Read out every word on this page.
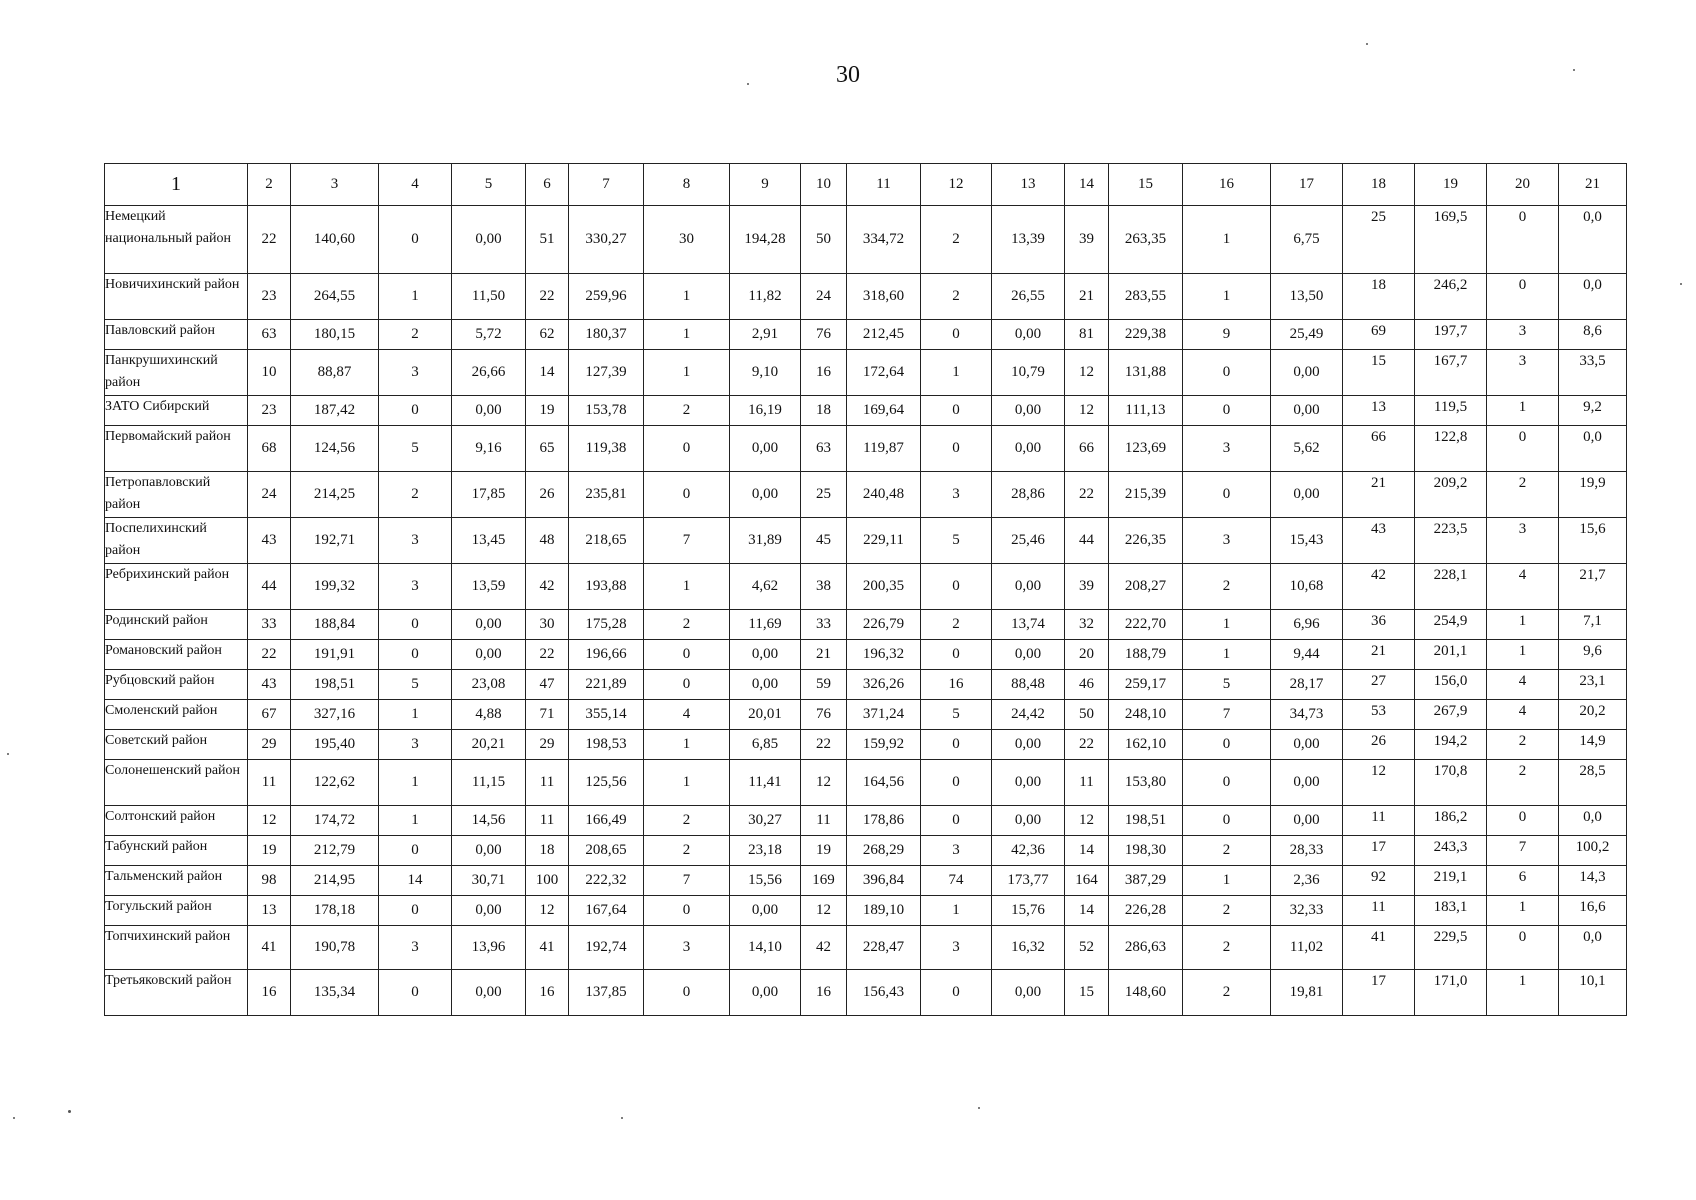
30
1	2	3	4	5	6	7	8	9	10	11	12	13	14	15	16	17	18	19	20	21
Немецкий национальный район	22	140,60	0	0,00	51	330,27	30	194,28	50	334,72	2	13,39	39	263,35	1	6,75	25	169,5	0	0,0
Новичихинский район	23	264,55	1	11,50	22	259,96	1	11,82	24	318,60	2	26,55	21	283,55	1	13,50	18	246,2	0	0,0
Павловский район	63	180,15	2	5,72	62	180,37	1	2,91	76	212,45	0	0,00	81	229,38	9	25,49	69	197,7	3	8,6
Панкрушихинский район	10	88,87	3	26,66	14	127,39	1	9,10	16	172,64	1	10,79	12	131,88	0	0,00	15	167,7	3	33,5
ЗАТО Сибирский	23	187,42	0	0,00	19	153,78	2	16,19	18	169,64	0	0,00	12	111,13	0	0,00	13	119,5	1	9,2
Первомайский район	68	124,56	5	9,16	65	119,38	0	0,00	63	119,87	0	0,00	66	123,69	3	5,62	66	122,8	0	0,0
Петропавловский район	24	214,25	2	17,85	26	235,81	0	0,00	25	240,48	3	28,86	22	215,39	0	0,00	21	209,2	2	19,9
Поспелихинский район	43	192,71	3	13,45	48	218,65	7	31,89	45	229,11	5	25,46	44	226,35	3	15,43	43	223,5	3	15,6
Ребрихинский район	44	199,32	3	13,59	42	193,88	1	4,62	38	200,35	0	0,00	39	208,27	2	10,68	42	228,1	4	21,7
Родинский район	33	188,84	0	0,00	30	175,28	2	11,69	33	226,79	2	13,74	32	222,70	1	6,96	36	254,9	1	7,1
Романовский район	22	191,91	0	0,00	22	196,66	0	0,00	21	196,32	0	0,00	20	188,79	1	9,44	21	201,1	1	9,6
Рубцовский район	43	198,51	5	23,08	47	221,89	0	0,00	59	326,26	16	88,48	46	259,17	5	28,17	27	156,0	4	23,1
Смоленский район	67	327,16	1	4,88	71	355,14	4	20,01	76	371,24	5	24,42	50	248,10	7	34,73	53	267,9	4	20,2
Советский район	29	195,40	3	20,21	29	198,53	1	6,85	22	159,92	0	0,00	22	162,10	0	0,00	26	194,2	2	14,9
Солонешенский район	11	122,62	1	11,15	11	125,56	1	11,41	12	164,56	0	0,00	11	153,80	0	0,00	12	170,8	2	28,5
Солтонский район	12	174,72	1	14,56	11	166,49	2	30,27	11	178,86	0	0,00	12	198,51	0	0,00	11	186,2	0	0,0
Табунский район	19	212,79	0	0,00	18	208,65	2	23,18	19	268,29	3	42,36	14	198,30	2	28,33	17	243,3	7	100,2
Тальменский район	98	214,95	14	30,71	100	222,32	7	15,56	169	396,84	74	173,77	164	387,29	1	2,36	92	219,1	6	14,3
Тогульский район	13	178,18	0	0,00	12	167,64	0	0,00	12	189,10	1	15,76	14	226,28	2	32,33	11	183,1	1	16,6
Топчихинский район	41	190,78	3	13,96	41	192,74	3	14,10	42	228,47	3	16,32	52	286,63	2	11,02	41	229,5	0	0,0
Третьяковский район	16	135,34	0	0,00	16	137,85	0	0,00	16	156,43	0	0,00	15	148,60	2	19,81	17	171,0	1	10,1
